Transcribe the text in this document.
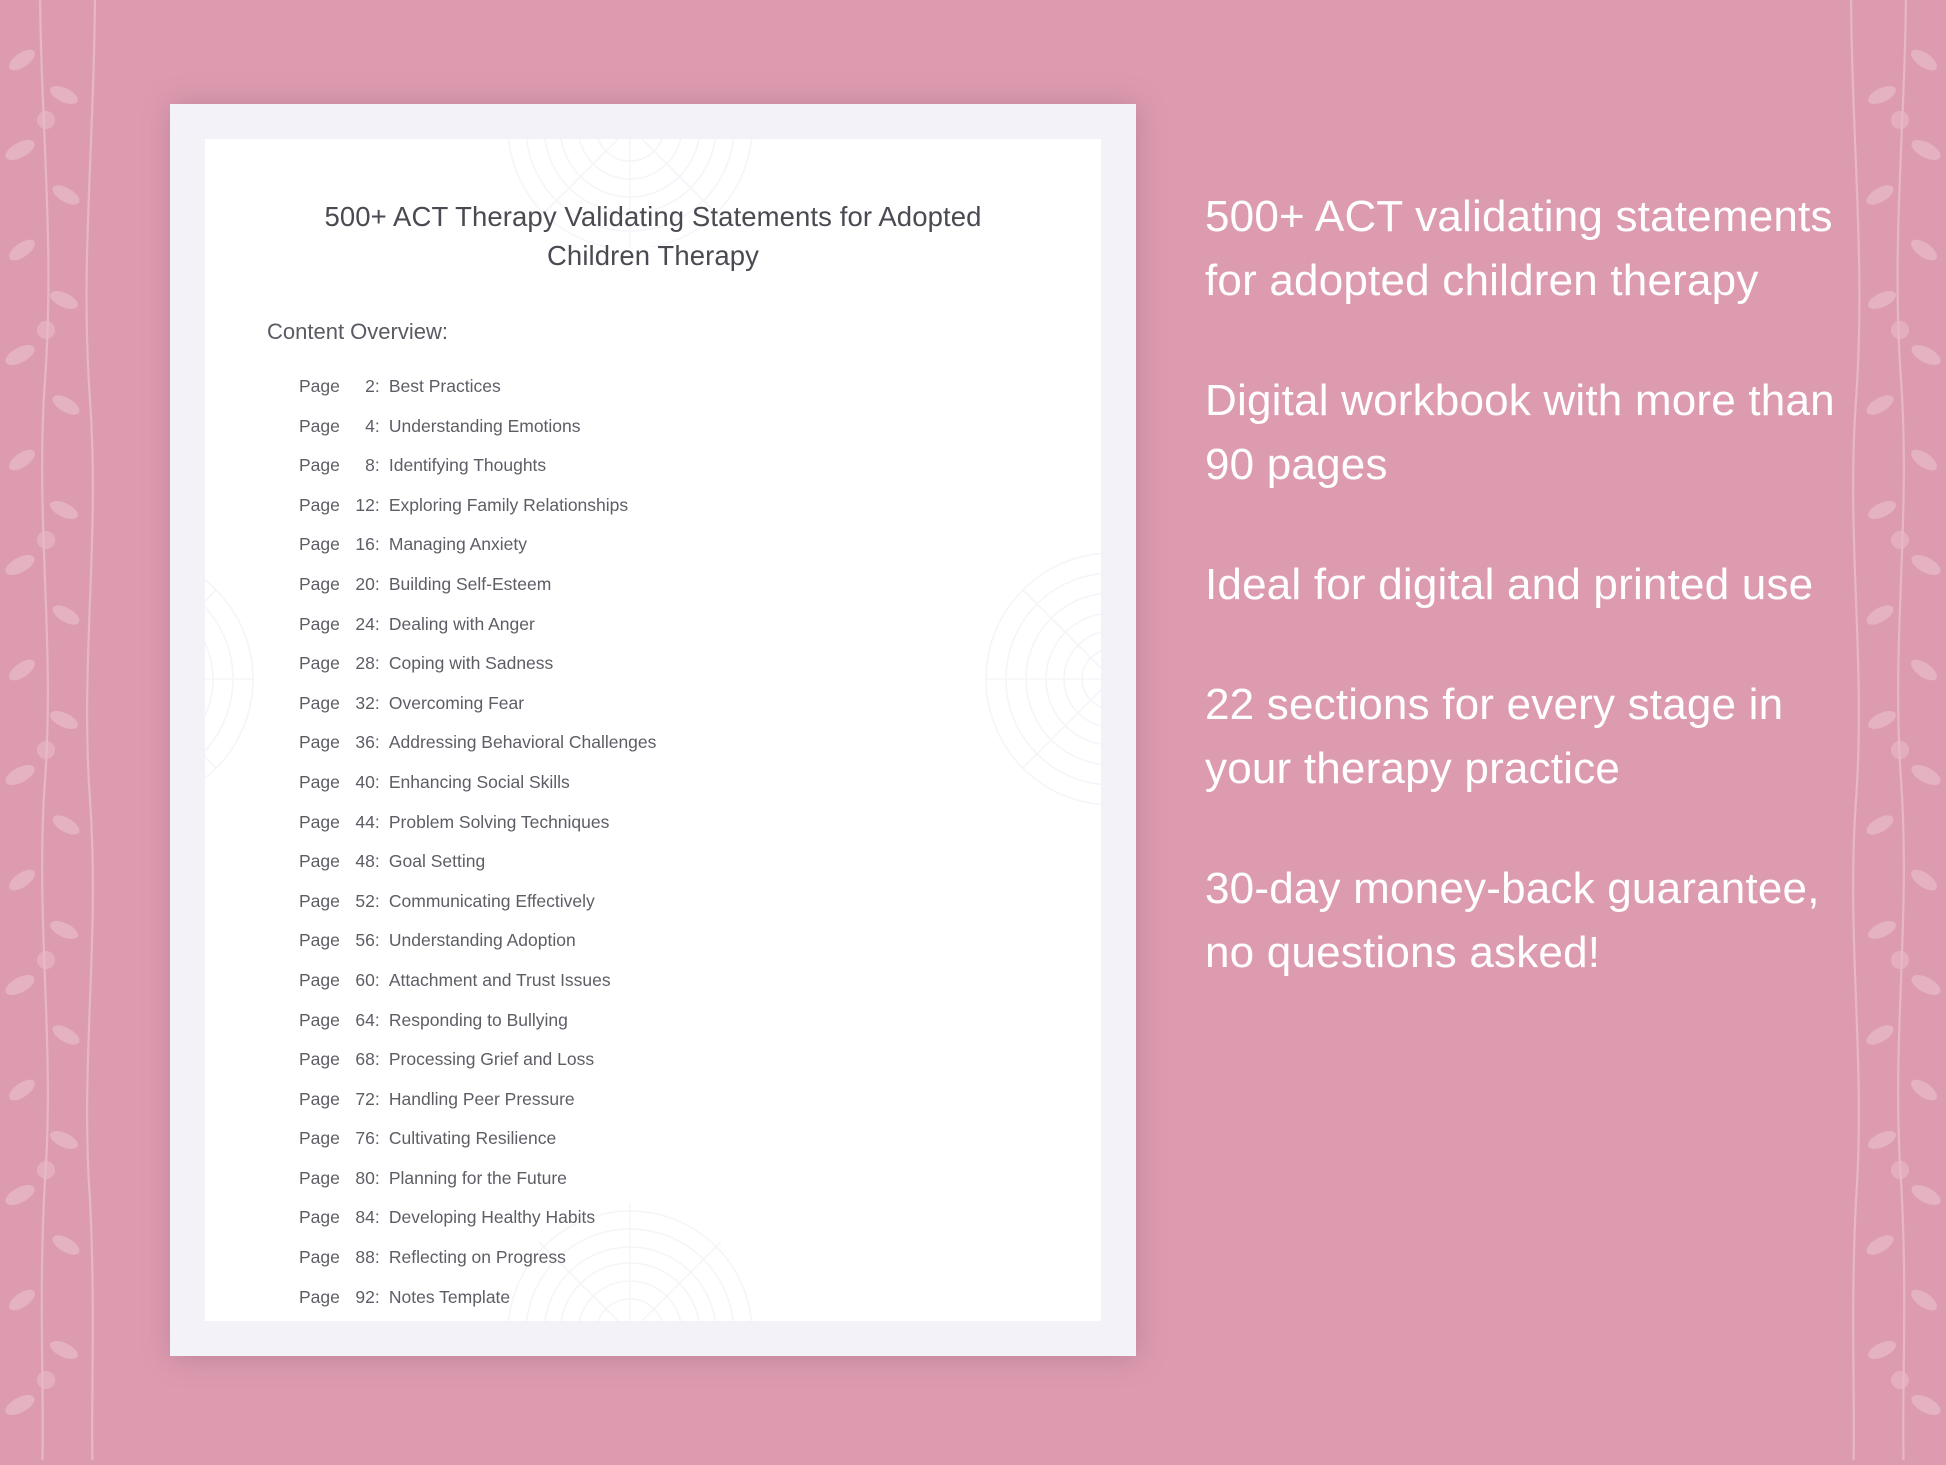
500+ ACT Therapy Validating Statements for Adopted Children Therapy
Content Overview:
Page	2 : Best Practices
Page	4 : Understanding Emotions
Page	8 : Identifying Thoughts
Page 12 : Exploring Family Relationships
Page 16 : Managing Anxiety
Page 20 : Building Self-Esteem
Page 24 : Dealing with Anger
Page 28 : Coping with Sadness
Page 32 : Overcoming Fear
Page 36 : Addressing Behavioral Challenges
Page 40 : Enhancing Social Skills
Page 44 : Problem Solving Techniques
Page 48 : Goal Setting
Page 52 : Communicating Effectively
Page 56 : Understanding Adoption
Page 60 : Attachment and Trust Issues
Page 64 : Responding to Bullying
Page 68 : Processing Grief and Loss
Page 72 : Handling Peer Pressure
Page 76 : Cultivating Resilience
Page 80 : Planning for the Future
Page 84 : Developing Healthy Habits
Page 88 : Reflecting on Progress
Page 92 : Notes Template

500+ ACT validating statements for adopted children therapy

Digital workbook with more than 90 pages

Ideal for digital and printed use

22 sections for every stage in your therapy practice

30-day money-back guarantee, no questions asked!
